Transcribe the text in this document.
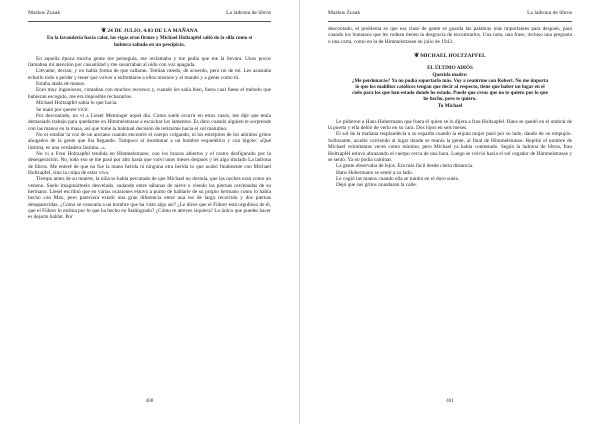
Markus Zusak	La ladrona de libros
❦24 DE JULIO, 4.03 DE LA MAÑANA
En la lavandería hacía calor, las vigas eran firmes y Michael Holtzapfel saltó de la silla como si hubiera saltado en un precipicio.

En aquella época mucha gente me perseguía, me reclamaba y me pedía que me la llevara. Unos pocos llamaban mi atención por casualidad y me susurraban al oído con voz apagada.

Llévame, decían, y no había forma de que callaran. Temían miedo, de acuerdo, pero no de mí. Les asustaba echarlo todo a perder y tener que volver a enfrentarse a ellos mismos y al mundo y a gente como tú.

Estaba atada de manos.

Eran muy ingeniosos, contaban con muchos recursos y, cuando les salía bien, fuera cual fuese el método que hubieran escogido, me era imposible rechazarlos.

Michael Holtzapfel sabía lo que hacía.

Se mató por querer vivir.

Por descontado, no vi a Liesel Meminger aquel día. Como suele ocurrir en estos casos, me dije que tenía demasiado trabajo para quedarme en Himmelstrasse a escuchar los lamentos. Es duro cuando alguien te sorprende con las manos en la masa, así que tomé la habitual decisión de retirarme hacia el sol matutino.

No oí estallar la voz de un anciano cuando encontró el cuerpo colgando, ni los estrépitos de los atónitos gritos ahogados de la gente que iba llegando. Tampoco oí murmurar a un hombre esquelético y con bigote: «Qué lástima, es una verdadera lástima...».

No vi a Frau Holtzapfel tendida en Himmelstrasse, con los brazos abiertos y el rostro desfigurado por la desesperación. No, todo eso se me pasó por alto hasta que volví unos meses después y leí algo titulado La ladrona de libros. Me enteré de que no fue la mano herida ni ninguna otra herida lo que acabó finalmente con Michael Holtzapfel, sino la culpa de estar vivo.

Tiempo antes de su muerte, la niña se había percatado de que Michael no dormía, que las noches eran como un veneno. Suelo imaginármelo desvelado, sudando entre sábanas de nieve o viendo las piernas cercenadas de su hermano. Liesel escribió que en varias ocasiones estuvo a punto de hablarle de su propio hermano como lo había hecho con Max, pero pareciera existir una gran diferencia entre una tos de largo recorrido y dos piernas desaparecidas. ¿Cómo se consuela a un hombre que ha visto algo así? ¿Le dices que el Führer está orgulloso de él, que el Führer lo estima por lo que ha hecho en Stalingrado? ¿Cómo te atreves siquiera? Lo único que puedes hacer es dejarlo hablar. Por

400
Markus Zusak	La ladrona de libros

descontado, el problema es que esa clase de gente se guarda las palabras más importantes para después, para cuando los humanos que les rodean tienen la desgracia de encontrarlos. Una nota, una frase, incluso una pregunta o una carta, como en la de Himmelstrasse en julio de 1943.

❦MICHAEL HOLTZAPFEL
EL ÚLTIMO ADIÓS
Querida madre:
¿Me perdonarás? Ya no podía soportarlo más. Voy a reunirme con Robert. No me importa lo que los malditos católicos tengan que decir al respecto, tiene que haber un lugar en el cielo para los que han estado donde he estado. Puede que creas que no te quiero por lo que he hecho, pero te quiero.
Tu Michael

Le pidieron a Hans Hubermann que fuera él quien se lo dijera a frau Holtzapfel. Hans se quedó en el umbral de la puerta y ella debió de verlo en su cara. Dos hijos en seis meses.

El sol de la mañana resplandecía a su espalda cuando la enjuta mujer pasó por su lado, dando de un empujón. Sollozante, acudió corriendo al lugar donde se reunía la gente, al final de Himmelstrasse. Repitió el nombre de Michael veintitantas veces como mínimo, pero Michael ya había contestado. Según la ladrona de libros, frau Holtzapfel estuvo abrazando el cuerpo cerca de una hora. Luego se volvió hacia el sol cegador de Himmelstrasse y se sentó. Ya no podía caminar.

La gente observaba de lejos. Era más fácil desde cierta distancia.

Hans Hubermann se sentó a su lado.

Le cogió las manos cuando ella se tumbó en el duro suelo.

Dejó que sus gritos inundaran la calle.

401
